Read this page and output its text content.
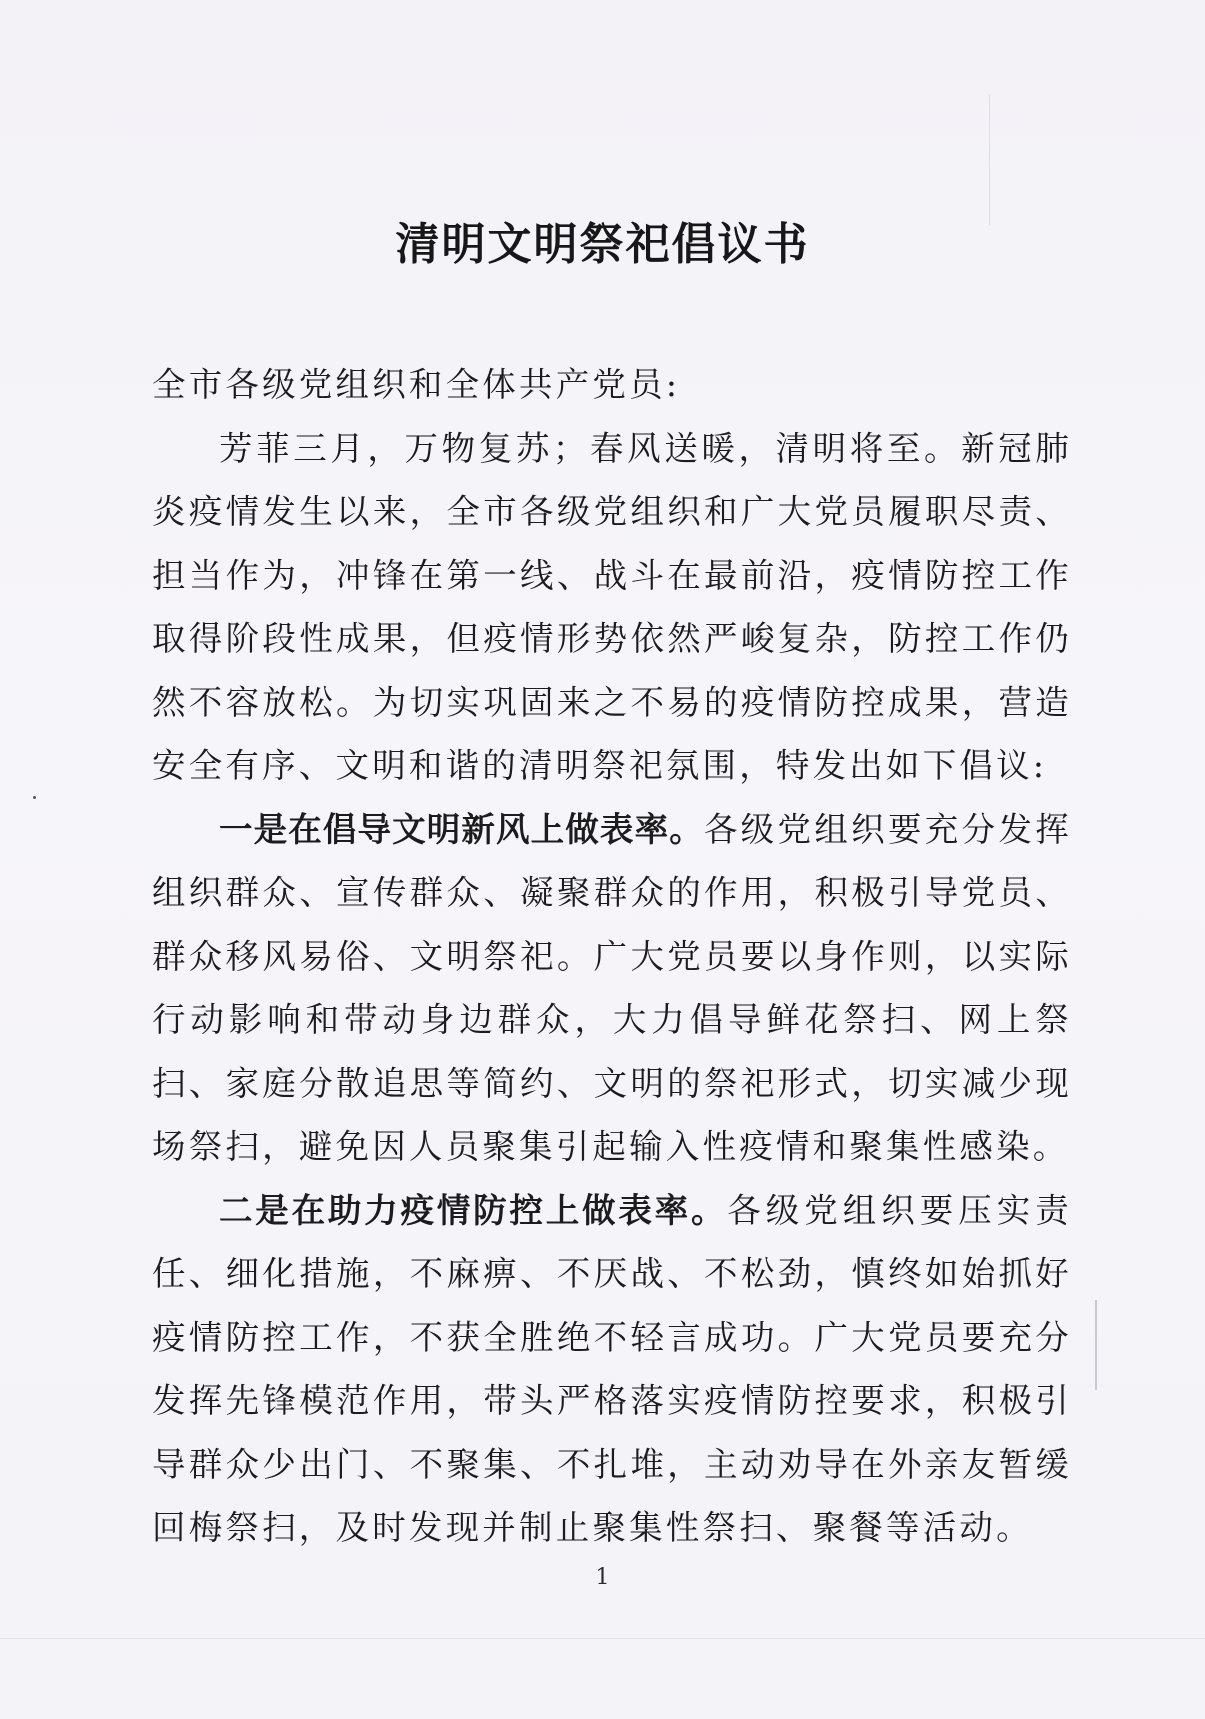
清明文明祭祀倡议书

全市各级党组织和全体共产党员:

芳菲三月，万物复苏；春风送暖，清明将至。新冠肺炎疫情发生以来，全市各级党组织和广大党员履职尽责、担当作为，冲锋在第一线、战斗在最前沿，疫情防控工作取得阶段性成果，但疫情形势依然严峻复杂，防控工作仍然不容放松。为切实巩固来之不易的疫情防控成果，营造安全有序、文明和谐的清明祭祀氛围，特发出如下倡议:

一是在倡导文明新风上做表率。各级党组织要充分发挥组织群众、宣传群众、凝聚群众的作用，积极引导党员、群众移风易俗、文明祭祀。广大党员要以身作则，以实际行动影响和带动身边群众，大力倡导鲜花祭扫、网上祭扫、家庭分散追思等简约、文明的祭祀形式，切实减少现场祭扫，避免因人员聚集引起输入性疫情和聚集性感染。

二是在助力疫情防控上做表率。各级党组织要压实责任、细化措施，不麻痹、不厌战、不松劲，慎终如始抓好疫情防控工作，不获全胜绝不轻言成功。广大党员要充分发挥先锋模范作用，带头严格落实疫情防控要求，积极引导群众少出门、不聚集、不扎堆，主动劝导在外亲友暂缓回梅祭扫，及时发现并制止聚集性祭扫、聚餐等活动。

1
